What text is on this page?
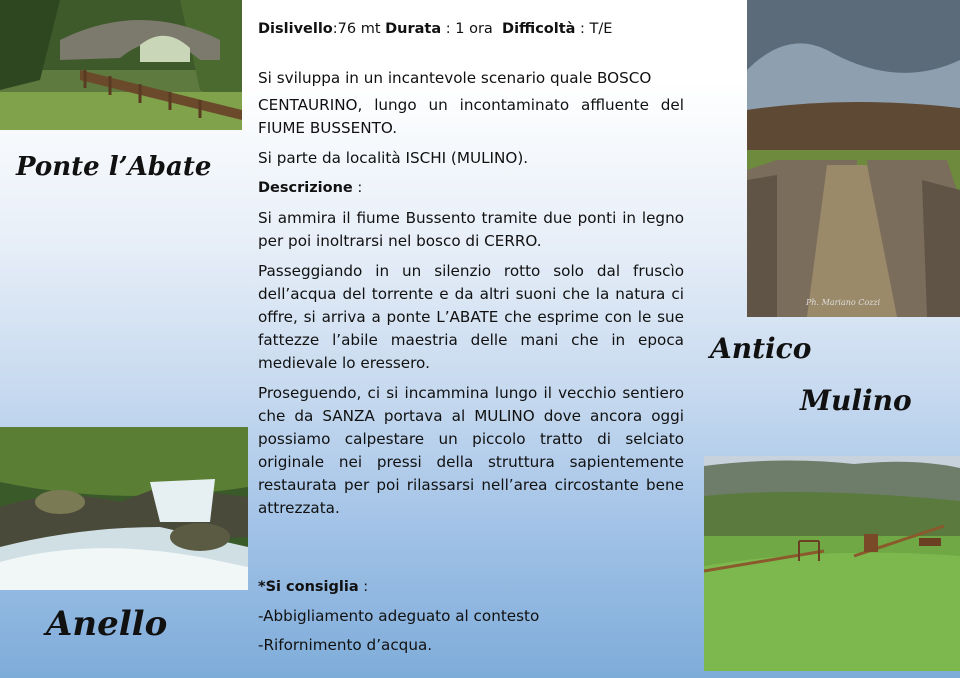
Ph. Mariano Cozzi
Ponte l’Abate
Antico
Mulino
Anello

Dislivello:76 mt Durata : 1 ora Difficoltà : T/E

Si sviluppa in un incantevole scenario quale BOSCO

CENTAURINO, lungo un incontaminato affluente del FIUME BUSSENTO.

Si parte da località ISCHI (MULINO).

Descrizione :

Si ammira il fiume Bussento tramite due ponti in legno per poi inoltrarsi nel bosco di CERRO.

Passeggiando in un silenzio rotto solo dal fruscìo dell’acqua del torrente e da altri suoni che la natura ci offre, si arriva a ponte L’ABATE che esprime con le sue fattezze l’abile maestria delle mani che in epoca medievale lo eressero.

Proseguendo, ci si incammina lungo il vecchio sentiero che da SANZA portava al MULINO dove ancora oggi possiamo calpestare un piccolo tratto di selciato originale nei pressi della struttura sapientemente restaurata per poi rilassarsi nell’area circostante bene attrezzata.

*Si consiglia :

-Abbigliamento adeguato al contesto

-Rifornimento d’acqua.
